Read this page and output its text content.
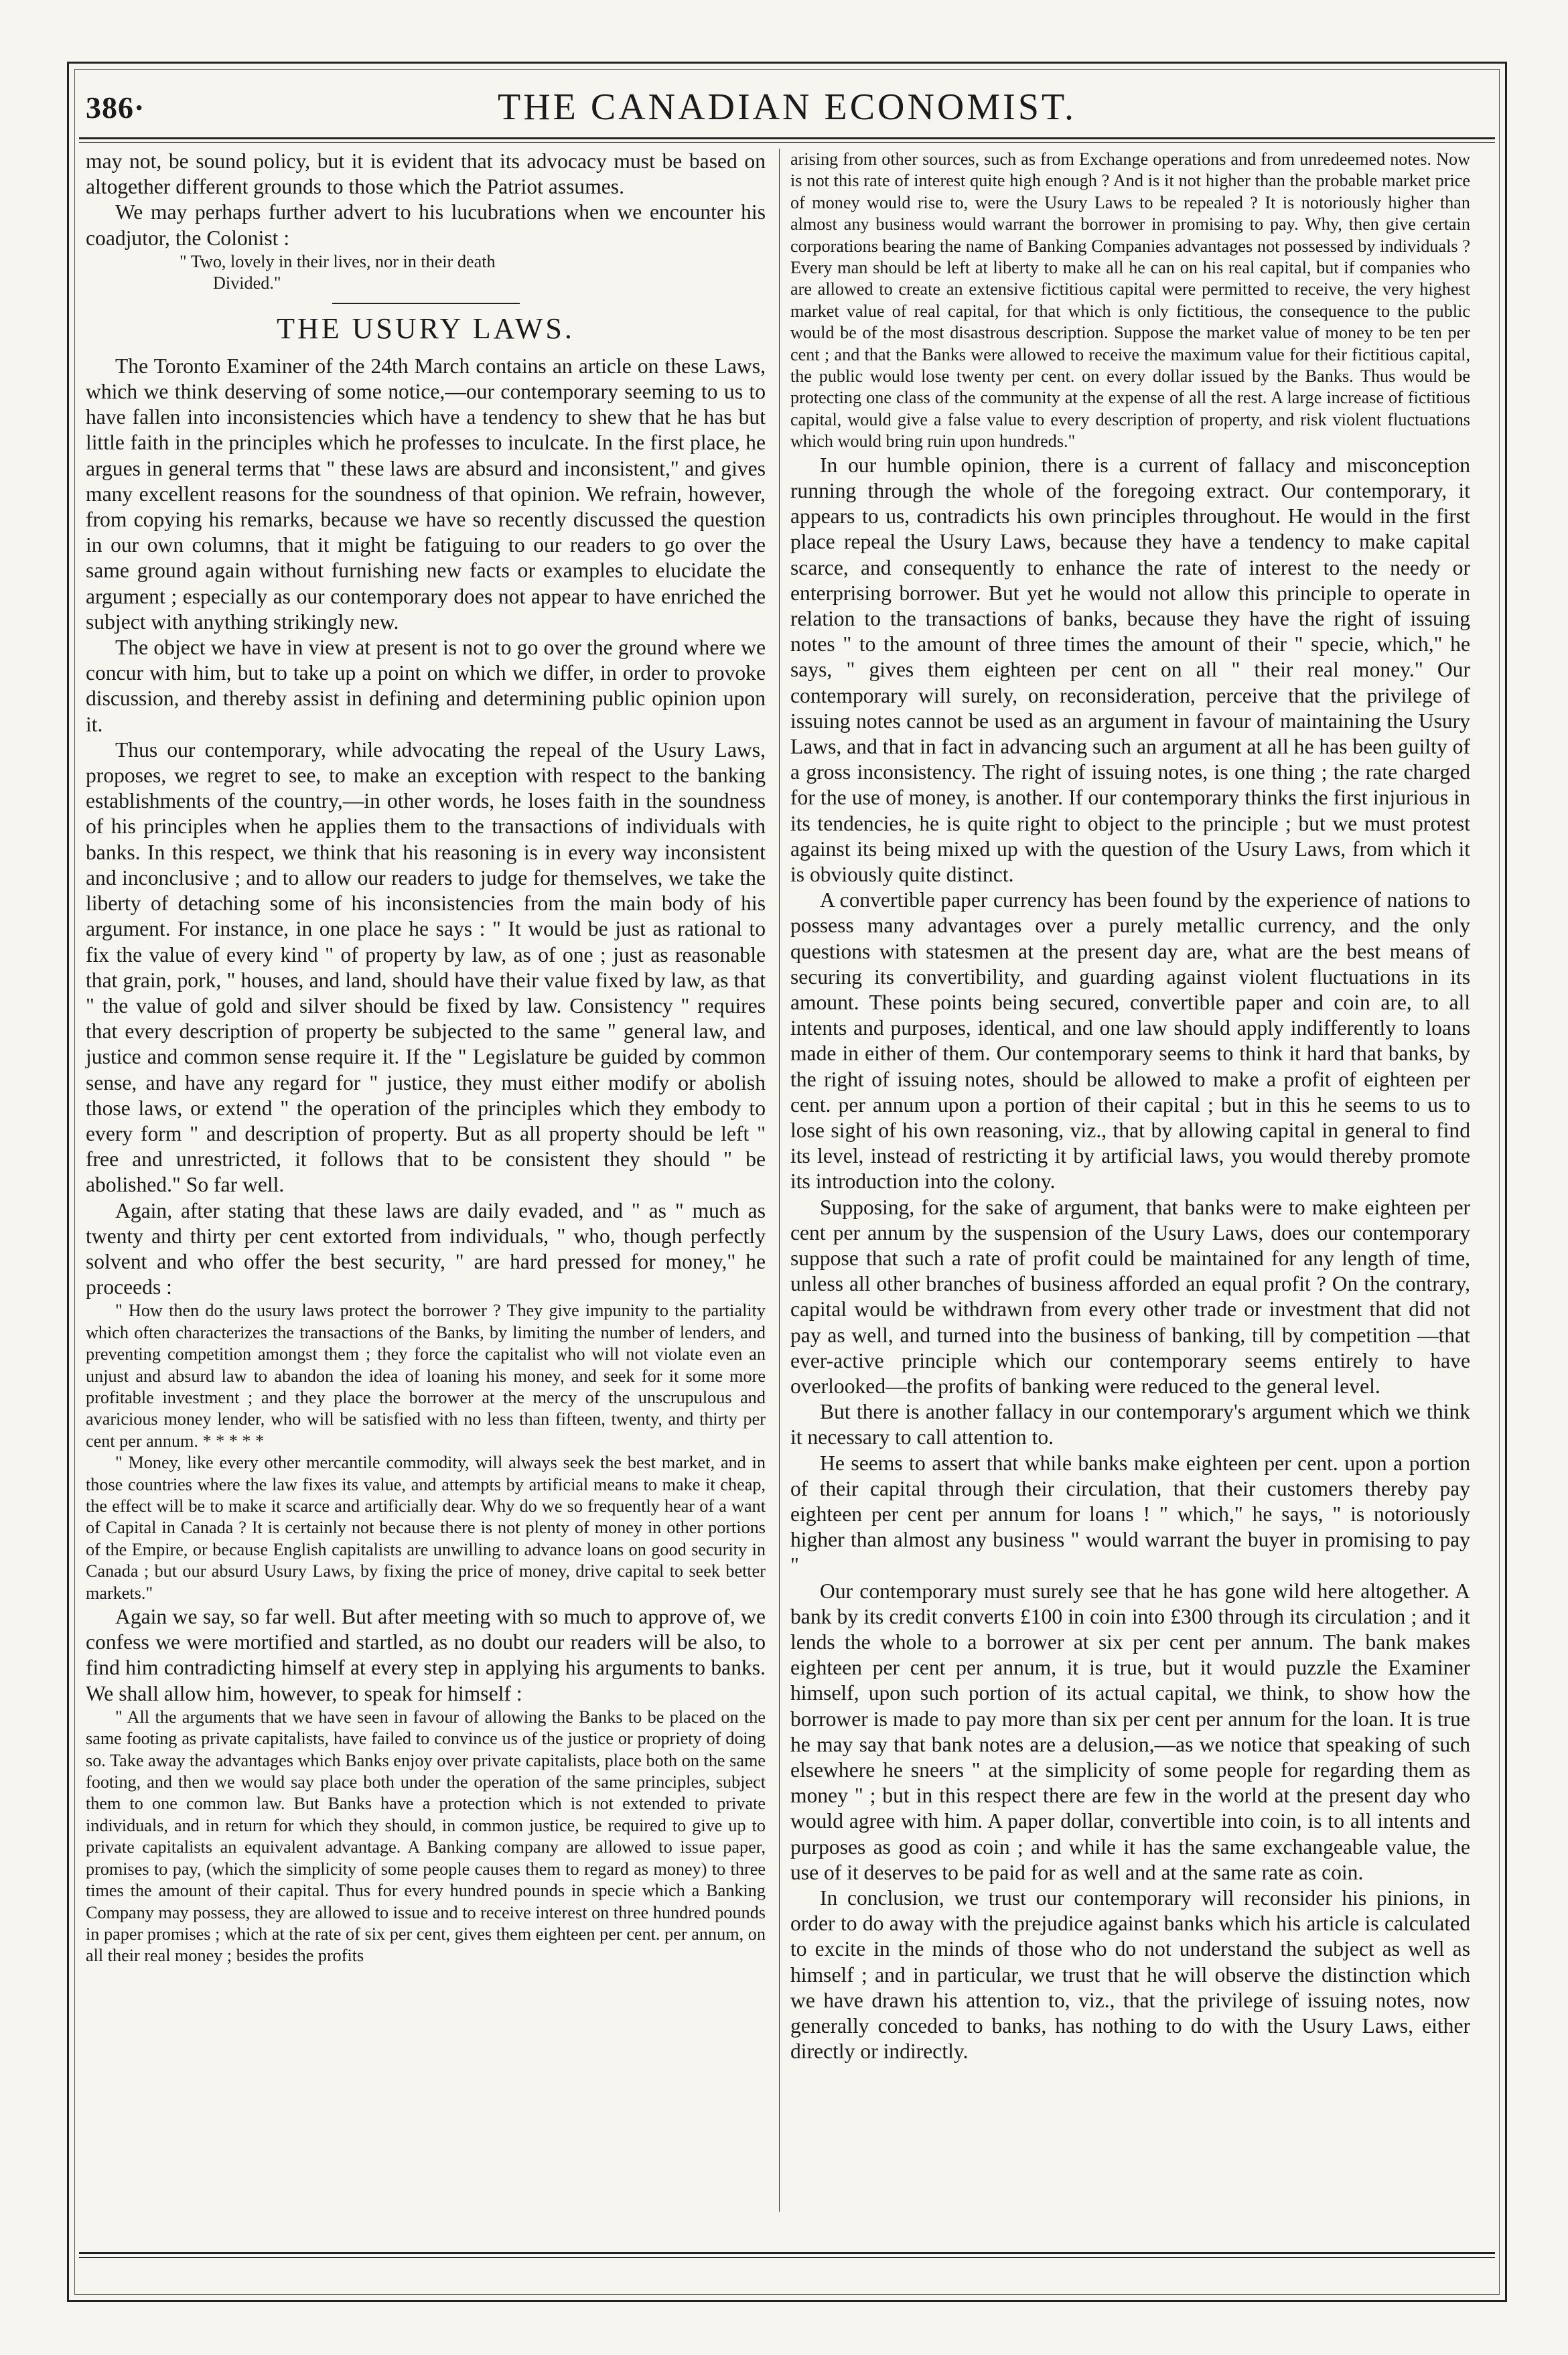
386·	THE CANADIAN ECONOMIST.

may not, be sound policy, but it is evident that its advocacy must be based on altogether different grounds to those which the Patriot assumes.

We may perhaps further advert to his lucubrations when we encounter his coadjutor, the Colonist :

" Two, lovely in their lives, nor in their death

Divided."

THE USURY LAWS.

The Toronto Examiner of the 24th March contains an article on these Laws, which we think deserving of some notice,—our contemporary seeming to us to have fallen into inconsistencies which have a tendency to shew that he has but little faith in the principles which he professes to inculcate. In the first place, he argues in general terms that " these laws are absurd and inconsistent," and gives many excellent reasons for the soundness of that opinion. We refrain, however, from copying his remarks, because we have so recently discussed the question in our own columns, that it might be fatiguing to our readers to go over the same ground again without furnishing new facts or examples to elucidate the argument ; especially as our contemporary does not appear to have enriched the subject with anything strikingly new.

The object we have in view at present is not to go over the ground where we concur with him, but to take up a point on which we differ, in order to provoke discussion, and thereby assist in defining and determining public opinion upon it.

Thus our contemporary, while advocating the repeal of the Usury Laws, proposes, we regret to see, to make an exception with respect to the banking establishments of the country,—in other words, he loses faith in the soundness of his principles when he applies them to the transactions of individuals with banks. In this respect, we think that his reasoning is in every way inconsistent and inconclusive ; and to allow our readers to judge for themselves, we take the liberty of detaching some of his inconsistencies from the main body of his argument. For instance, in one place he says : " It would be just as rational to fix the value of every kind " of property by law, as of one ; just as reasonable that grain, pork, " houses, and land, should have their value fixed by law, as that " the value of gold and silver should be fixed by law. Consistency " requires that every description of property be subjected to the same " general law, and justice and common sense require it. If the " Legislature be guided by common sense, and have any regard for " justice, they must either modify or abolish those laws, or extend " the operation of the principles which they embody to every form " and description of property. But as all property should be left " free and unrestricted, it follows that to be consistent they should " be abolished." So far well.

Again, after stating that these laws are daily evaded, and " as " much as twenty and thirty per cent extorted from individuals, " who, though perfectly solvent and who offer the best security, " are hard pressed for money," he proceeds :

" How then do the usury laws protect the borrower ? They give impunity to the partiality which often characterizes the transactions of the Banks, by limiting the number of lenders, and preventing competition amongst them ; they force the capitalist who will not violate even an unjust and absurd law to abandon the idea of loaning his money, and seek for it some more profitable investment ; and they place the borrower at the mercy of the unscrupulous and avaricious money lender, who will be satisfied with no less than fifteen, twenty, and thirty per cent per annum. * * * * *

" Money, like every other mercantile commodity, will always seek the best market, and in those countries where the law fixes its value, and attempts by artificial means to make it cheap, the effect will be to make it scarce and artificially dear. Why do we so frequently hear of a want of Capital in Canada ? It is certainly not because there is not plenty of money in other portions of the Empire, or because English capitalists are unwilling to advance loans on good security in Canada ; but our absurd Usury Laws, by fixing the price of money, drive capital to seek better markets."

Again we say, so far well. But after meeting with so much to approve of, we confess we were mortified and startled, as no doubt our readers will be also, to find him contradicting himself at every step in applying his arguments to banks. We shall allow him, however, to speak for himself :

" All the arguments that we have seen in favour of allowing the Banks to be placed on the same footing as private capitalists, have failed to convince us of the justice or propriety of doing so. Take away the advantages which Banks enjoy over private capitalists, place both on the same footing, and then we would say place both under the operation of the same principles, subject them to one common law. But Banks have a protection which is not extended to private individuals, and in return for which they should, in common justice, be required to give up to private capitalists an equivalent advantage. A Banking company are allowed to issue paper, promises to pay, (which the simplicity of some people causes them to regard as money) to three times the amount of their capital. Thus for every hundred pounds in specie which a Banking Company may possess, they are allowed to issue and to receive interest on three hundred pounds in paper promises ; which at the rate of six per cent, gives them eighteen per cent. per annum, on all their real money ; besides the profits

arising from other sources, such as from Exchange operations and from unredeemed notes. Now is not this rate of interest quite high enough ? And is it not higher than the probable market price of money would rise to, were the Usury Laws to be repealed ? It is notoriously higher than almost any business would warrant the borrower in promising to pay. Why, then give certain corporations bearing the name of Banking Companies advantages not possessed by individuals ? Every man should be left at liberty to make all he can on his real capital, but if companies who are allowed to create an extensive fictitious capital were permitted to receive, the very highest market value of real capital, for that which is only fictitious, the consequence to the public would be of the most disastrous description. Suppose the market value of money to be ten per cent ; and that the Banks were allowed to receive the maximum value for their fictitious capital, the public would lose twenty per cent. on every dollar issued by the Banks. Thus would be protecting one class of the community at the expense of all the rest. A large increase of fictitious capital, would give a false value to every description of property, and risk violent fluctuations which would bring ruin upon hundreds."

In our humble opinion, there is a current of fallacy and misconception running through the whole of the foregoing extract. Our contemporary, it appears to us, contradicts his own principles throughout. He would in the first place repeal the Usury Laws, because they have a tendency to make capital scarce, and consequently to enhance the rate of interest to the needy or enterprising borrower. But yet he would not allow this principle to operate in relation to the transactions of banks, because they have the right of issuing notes " to the amount of three times the amount of their " specie, which," he says, " gives them eighteen per cent on all " their real money." Our contemporary will surely, on reconsideration, perceive that the privilege of issuing notes cannot be used as an argument in favour of maintaining the Usury Laws, and that in fact in advancing such an argument at all he has been guilty of a gross inconsistency. The right of issuing notes, is one thing ; the rate charged for the use of money, is another. If our contemporary thinks the first injurious in its tendencies, he is quite right to object to the principle ; but we must protest against its being mixed up with the question of the Usury Laws, from which it is obviously quite distinct.

A convertible paper currency has been found by the experience of nations to possess many advantages over a purely metallic currency, and the only questions with statesmen at the present day are, what are the best means of securing its convertibility, and guarding against violent fluctuations in its amount. These points being secured, convertible paper and coin are, to all intents and purposes, identical, and one law should apply indifferently to loans made in either of them. Our contemporary seems to think it hard that banks, by the right of issuing notes, should be allowed to make a profit of eighteen per cent. per annum upon a portion of their capital ; but in this he seems to us to lose sight of his own reasoning, viz., that by allowing capital in general to find its level, instead of restricting it by artificial laws, you would thereby promote its introduction into the colony.

Supposing, for the sake of argument, that banks were to make eighteen per cent per annum by the suspension of the Usury Laws, does our contemporary suppose that such a rate of profit could be maintained for any length of time, unless all other branches of business afforded an equal profit ? On the contrary, capital would be withdrawn from every other trade or investment that did not pay as well, and turned into the business of banking, till by competition —that ever-active principle which our contemporary seems entirely to have overlooked—the profits of banking were reduced to the general level.

But there is another fallacy in our contemporary's argument which we think it necessary to call attention to.

He seems to assert that while banks make eighteen per cent. upon a portion of their capital through their circulation, that their customers thereby pay eighteen per cent per annum for loans ! " which," he says, " is notoriously higher than almost any business " would warrant the buyer in promising to pay "

Our contemporary must surely see that he has gone wild here altogether. A bank by its credit converts £100 in coin into £300 through its circulation ; and it lends the whole to a borrower at six per cent per annum. The bank makes eighteen per cent per annum, it is true, but it would puzzle the Examiner himself, upon such portion of its actual capital, we think, to show how the borrower is made to pay more than six per cent per annum for the loan. It is true he may say that bank notes are a delusion,—as we notice that speaking of such elsewhere he sneers " at the simplicity of some people for regarding them as money " ; but in this respect there are few in the world at the present day who would agree with him. A paper dollar, convertible into coin, is to all intents and purposes as good as coin ; and while it has the same exchangeable value, the use of it deserves to be paid for as well and at the same rate as coin.

In conclusion, we trust our contemporary will reconsider his pinions, in order to do away with the prejudice against banks which his article is calculated to excite in the minds of those who do not understand the subject as well as himself ; and in particular, we trust that he will observe the distinction which we have drawn his attention to, viz., that the privilege of issuing notes, now generally conceded to banks, has nothing to do with the Usury Laws, either directly or indirectly.
